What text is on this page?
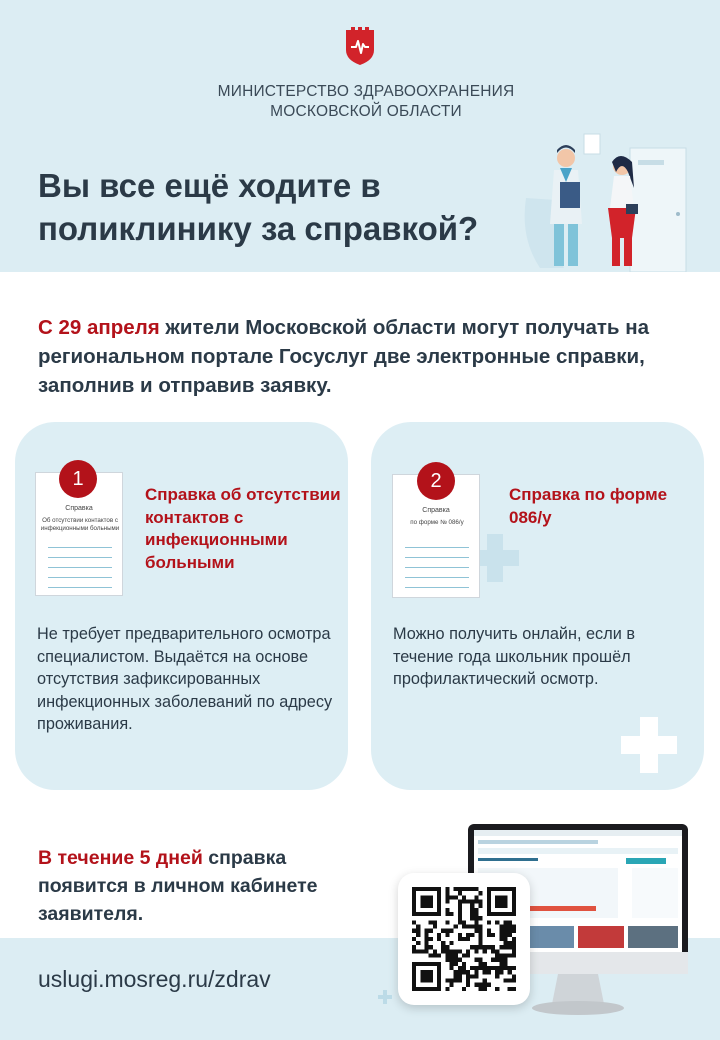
МИНИСТЕРСТВО ЗДРАВООХРАНЕНИЯ
МОСКОВСКОЙ ОБЛАСТИ
Вы все ещё ходите в поликлинику за справкой?
С 29 апреля жители Московской области могут получать на региональном портале Госуслуг две электронные справки, заполнив и отправив заявку.
Справка
Об отсутствии контактов с инфекционными больными
1
Справка об отсутствии контактов с инфекционными больными
Не требует предварительного осмотра специалистом. Выдаётся на основе отсутствия зафиксированных инфекционных заболеваний по адресу проживания.
Справка
по форме № 086/у
2
Справка по форме 086/у
Можно получить онлайн, если в течение года школьник прошёл профилактический осмотр.
В течение 5 дней справка появится в личном кабинете заявителя.
uslugi.mosreg.ru/zdrav
